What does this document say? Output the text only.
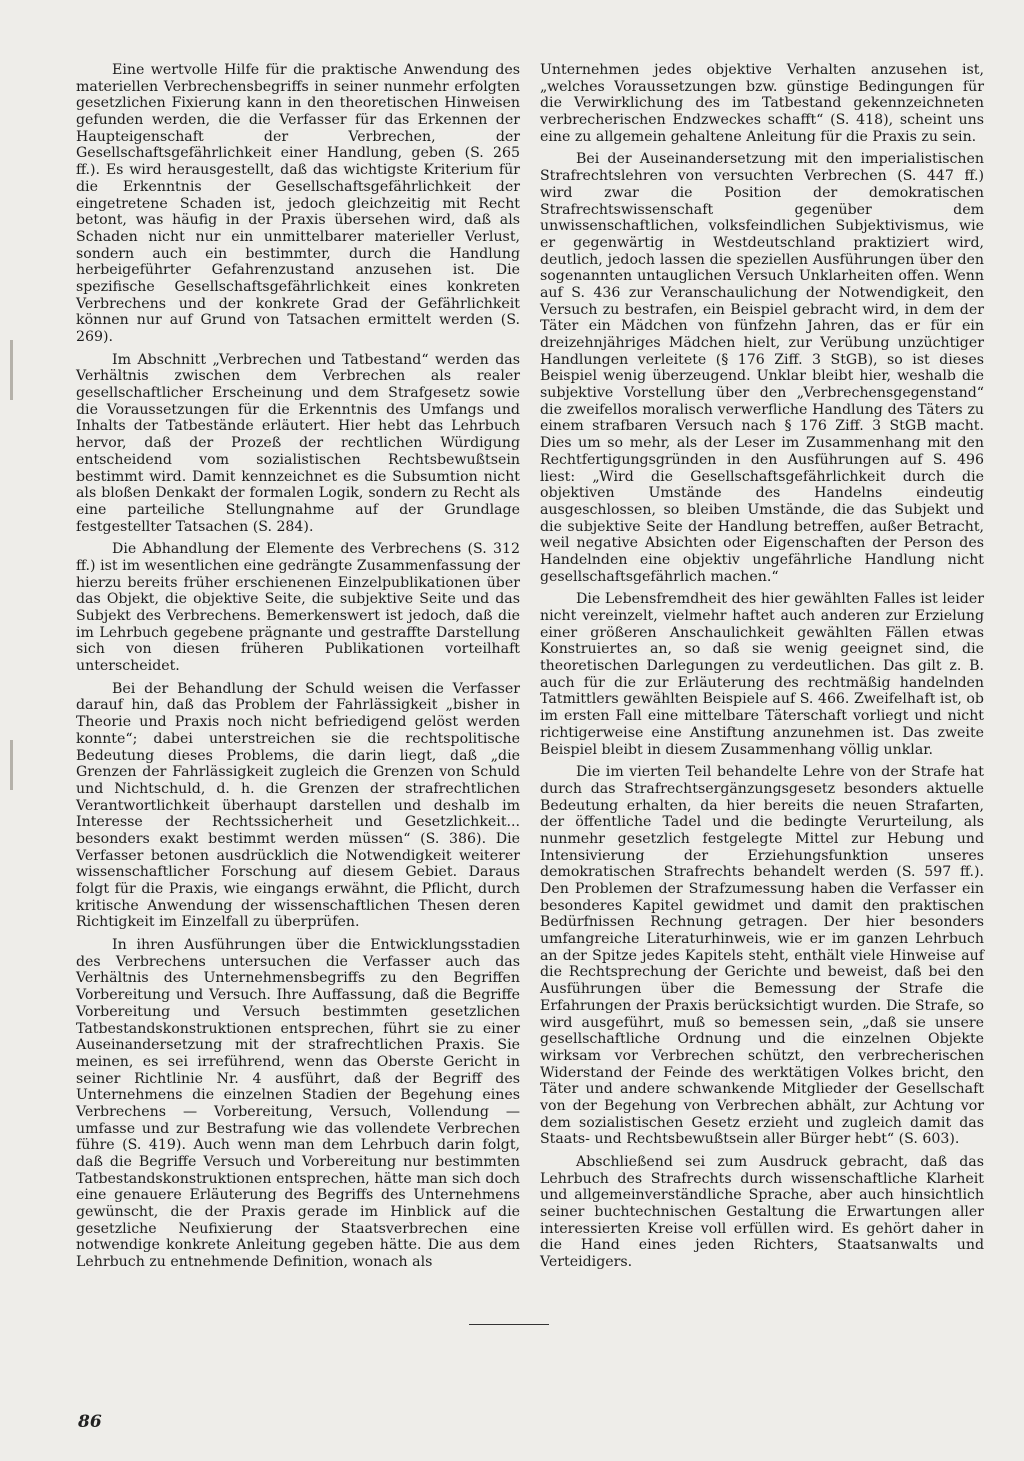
Eine wertvolle Hilfe für die praktische Anwendung des materiellen Verbrechensbegriffs in seiner nunmehr erfolgten gesetzlichen Fixierung kann in den theoretischen Hinweisen gefunden werden, die die Verfasser für das Erkennen der Haupteigenschaft der Verbrechen, der Gesellschaftsgefährlichkeit einer Handlung, geben (S. 265 ff.). Es wird herausgestellt, daß das wichtigste Kriterium für die Erkenntnis der Gesellschaftsgefährlichkeit der eingetretene Schaden ist, jedoch gleichzeitig mit Recht betont, was häufig in der Praxis übersehen wird, daß als Schaden nicht nur ein unmittelbarer materieller Verlust, sondern auch ein bestimmter, durch die Handlung herbeigeführter Gefahrenzustand anzusehen ist. Die spezifische Gesellschaftsgefährlichkeit eines konkreten Verbrechens und der konkrete Grad der Gefährlichkeit können nur auf Grund von Tatsachen ermittelt werden (S. 269).

Im Abschnitt „Verbrechen und Tatbestand“ werden das Verhältnis zwischen dem Verbrechen als realer gesellschaftlicher Erscheinung und dem Strafgesetz sowie die Voraussetzungen für die Erkenntnis des Umfangs und Inhalts der Tatbestände erläutert. Hier hebt das Lehrbuch hervor, daß der Prozeß der rechtlichen Würdigung entscheidend vom sozialistischen Rechtsbewußtsein bestimmt wird. Damit kennzeichnet es die Subsumtion nicht als bloßen Denkakt der formalen Logik, sondern zu Recht als eine parteiliche Stellungnahme auf der Grundlage festgestellter Tatsachen (S. 284).

Die Abhandlung der Elemente des Verbrechens (S. 312 ff.) ist im wesentlichen eine gedrängte Zusammenfassung der hierzu bereits früher erschienenen Einzelpublikationen über das Objekt, die objektive Seite, die subjektive Seite und das Subjekt des Verbrechens. Bemerkenswert ist jedoch, daß die im Lehrbuch gegebene prägnante und gestraffte Darstellung sich von diesen früheren Publikationen vorteilhaft unterscheidet.

Bei der Behandlung der Schuld weisen die Verfasser darauf hin, daß das Problem der Fahrlässigkeit „bisher in Theorie und Praxis noch nicht befriedigend gelöst werden konnte“; dabei unterstreichen sie die rechtspolitische Bedeutung dieses Problems, die darin liegt, daß „die Grenzen der Fahrlässigkeit zugleich die Grenzen von Schuld und Nichtschuld, d. h. die Grenzen der strafrechtlichen Verantwortlichkeit überhaupt darstellen und deshalb im Interesse der Rechtssicherheit und Gesetzlichkeit... besonders exakt bestimmt werden müssen“ (S. 386). Die Verfasser betonen ausdrücklich die Notwendigkeit weiterer wissenschaftlicher Forschung auf diesem Gebiet. Daraus folgt für die Praxis, wie eingangs erwähnt, die Pflicht, durch kritische Anwendung der wissenschaftlichen Thesen deren Richtigkeit im Einzelfall zu überprüfen.

In ihren Ausführungen über die Entwicklungsstadien des Verbrechens untersuchen die Verfasser auch das Verhältnis des Unternehmensbegriffs zu den Begriffen Vorbereitung und Versuch. Ihre Auffassung, daß die Begriffe Vorbereitung und Versuch bestimmten gesetzlichen Tatbestandskonstruktionen entsprechen, führt sie zu einer Auseinandersetzung mit der strafrechtlichen Praxis. Sie meinen, es sei irreführend, wenn das Oberste Gericht in seiner Richtlinie Nr. 4 ausführt, daß der Begriff des Unternehmens die einzelnen Stadien der Begehung eines Verbrechens — Vorbereitung, Versuch, Vollendung — umfasse und zur Bestrafung wie das vollendete Verbrechen führe (S. 419). Auch wenn man dem Lehrbuch darin folgt, daß die Begriffe Versuch und Vorbereitung nur bestimmten Tatbestandskonstruktionen entsprechen, hätte man sich doch eine genauere Erläuterung des Begriffs des Unternehmens gewünscht, die der Praxis gerade im Hinblick auf die gesetzliche Neufixierung der Staatsverbrechen eine notwendige konkrete Anleitung gegeben hätte. Die aus dem Lehrbuch zu entnehmende Definition, wonach als

Unternehmen jedes objektive Verhalten anzusehen ist, „welches Voraussetzungen bzw. günstige Bedingungen für die Verwirklichung des im Tatbestand gekennzeichneten verbrecherischen Endzweckes schafft“ (S. 418), scheint uns eine zu allgemein gehaltene Anleitung für die Praxis zu sein.

Bei der Auseinandersetzung mit den imperialistischen Strafrechtslehren von versuchten Verbrechen (S. 447 ff.) wird zwar die Position der demokratischen Strafrechtswissenschaft gegenüber dem unwissenschaftlichen, volksfeindlichen Subjektivismus, wie er gegenwärtig in Westdeutschland praktiziert wird, deutlich, jedoch lassen die speziellen Ausführungen über den sogenannten untauglichen Versuch Unklarheiten offen. Wenn auf S. 436 zur Veranschaulichung der Notwendigkeit, den Versuch zu bestrafen, ein Beispiel gebracht wird, in dem der Täter ein Mädchen von fünfzehn Jahren, das er für ein dreizehnjähriges Mädchen hielt, zur Verübung unzüchtiger Handlungen verleitete (§ 176 Ziff. 3 StGB), so ist dieses Beispiel wenig überzeugend. Unklar bleibt hier, weshalb die subjektive Vorstellung über den „Verbrechensgegenstand“ die zweifellos moralisch verwerfliche Handlung des Täters zu einem strafbaren Versuch nach § 176 Ziff. 3 StGB macht. Dies um so mehr, als der Leser im Zusammenhang mit den Rechtfertigungsgründen in den Ausführungen auf S. 496 liest: „Wird die Gesellschaftsgefährlichkeit durch die objektiven Umstände des Handelns eindeutig ausgeschlossen, so bleiben Umstände, die das Subjekt und die subjektive Seite der Handlung betreffen, außer Betracht, weil negative Absichten oder Eigenschaften der Person des Handelnden eine objektiv ungefährliche Handlung nicht gesellschaftsgefährlich machen.“

Die Lebensfremdheit des hier gewählten Falles ist leider nicht vereinzelt, vielmehr haftet auch anderen zur Erzielung einer größeren Anschaulichkeit gewählten Fällen etwas Konstruiertes an, so daß sie wenig geeignet sind, die theoretischen Darlegungen zu verdeutlichen. Das gilt z. B. auch für die zur Erläuterung des rechtmäßig handelnden Tatmittlers gewählten Beispiele auf S. 466. Zweifelhaft ist, ob im ersten Fall eine mittelbare Täterschaft vorliegt und nicht richtigerweise eine Anstiftung anzunehmen ist. Das zweite Beispiel bleibt in diesem Zusammenhang völlig unklar.

Die im vierten Teil behandelte Lehre von der Strafe hat durch das Strafrechtsergänzungsgesetz besonders aktuelle Bedeutung erhalten, da hier bereits die neuen Strafarten, der öffentliche Tadel und die bedingte Verurteilung, als nunmehr gesetzlich festgelegte Mittel zur Hebung und Intensivierung der Erziehungsfunktion unseres demokratischen Strafrechts behandelt werden (S. 597 ff.). Den Problemen der Strafzumessung haben die Verfasser ein besonderes Kapitel gewidmet und damit den praktischen Bedürfnissen Rechnung getragen. Der hier besonders umfangreiche Literaturhinweis, wie er im ganzen Lehrbuch an der Spitze jedes Kapitels steht, enthält viele Hinweise auf die Rechtsprechung der Gerichte und beweist, daß bei den Ausführungen über die Bemessung der Strafe die Erfahrungen der Praxis berücksichtigt wurden. Die Strafe, so wird ausgeführt, muß so bemessen sein, „daß sie unsere gesellschaftliche Ordnung und die einzelnen Objekte wirksam vor Verbrechen schützt, den verbrecherischen Widerstand der Feinde des werktätigen Volkes bricht, den Täter und andere schwankende Mitglieder der Gesellschaft von der Begehung von Verbrechen abhält, zur Achtung vor dem sozialistischen Gesetz erzieht und zugleich damit das Staats- und Rechtsbewußtsein aller Bürger hebt“ (S. 603).

Abschließend sei zum Ausdruck gebracht, daß das Lehrbuch des Strafrechts durch wissenschaftliche Klarheit und allgemeinverständliche Sprache, aber auch hinsichtlich seiner buchtechnischen Gestaltung die Erwartungen aller interessierten Kreise voll erfüllen wird. Es gehört daher in die Hand eines jeden Richters, Staatsanwalts und Verteidigers.

86
